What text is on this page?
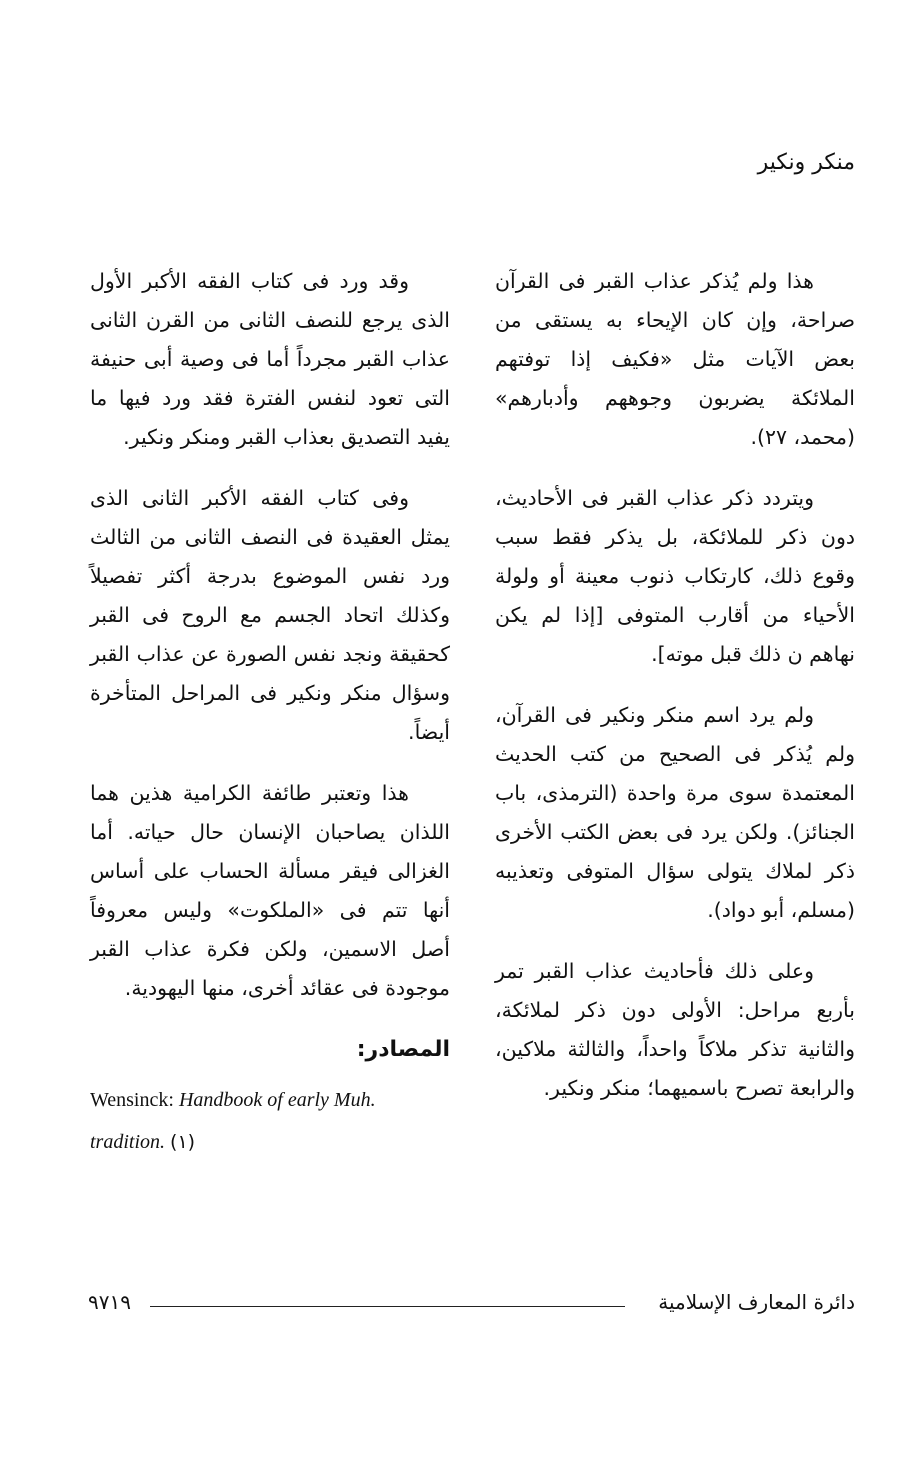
منكر ونكير

هذا ولم يُذكر عذاب القبر فى القرآن صراحة، وإن كان الإيحاء به يستقى من بعض الآيات مثل «فكيف إذا توفتهم الملائكة يضربون وجوههم وأدبارهم» (محمد، ٢٧).

ويتردد ذكر عذاب القبر فى الأحاديث، دون ذكر للملائكة، بل يذكر فقط سبب وقوع ذلك، كارتكاب ذنوب معينة أو ولولة الأحياء من أقارب المتوفى [إذا لم يكن نهاهم ن ذلك قبل موته].

ولم يرد اسم منكر ونكير فى القرآن، ولم يُذكر فى الصحيح من كتب الحديث المعتمدة سوى مرة واحدة (الترمذى، باب الجنائز). ولكن يرد فى بعض الكتب الأخرى ذكر لملاك يتولى سؤال المتوفى وتعذيبه (مسلم، أبو دواد).

وعلى ذلك فأحاديث عذاب القبر تمر بأربع مراحل: الأولى دون ذكر لملائكة، والثانية تذكر ملاكاً واحداً، والثالثة ملاكين، والرابعة تصرح باسميهما؛ منكر ونكير.

وقد ورد فى كتاب الفقه الأكبر الأول الذى يرجع للنصف الثانى من القرن الثانى عذاب القبر مجرداً أما فى وصية أبى حنيفة التى تعود لنفس الفترة فقد ورد فيها ما يفيد التصديق بعذاب القبر ومنكر ونكير.

وفى كتاب الفقه الأكبر الثانى الذى يمثل العقيدة فى النصف الثانى من الثالث ورد نفس الموضوع بدرجة أكثر تفصيلاً وكذلك اتحاد الجسم مع الروح فى القبر كحقيقة ونجد نفس الصورة عن عذاب القبر وسؤال منكر ونكير فى المراحل المتأخرة أيضاً.

هذا وتعتبر طائفة الكرامية هذين هما اللذان يصاحبان الإنسان حال حياته. أما الغزالى فيقر مسألة الحساب على أساس أنها تتم فى «الملكوت» وليس معروفاً أصل الاسمين، ولكن فكرة عذاب القبر موجودة فى عقائد أخرى، منها اليهودية.

المصادر:
Wensinck: Handbook of early Muh. tradition. (١)
دائرة المعارف الإسلامية
٩٧١٩
